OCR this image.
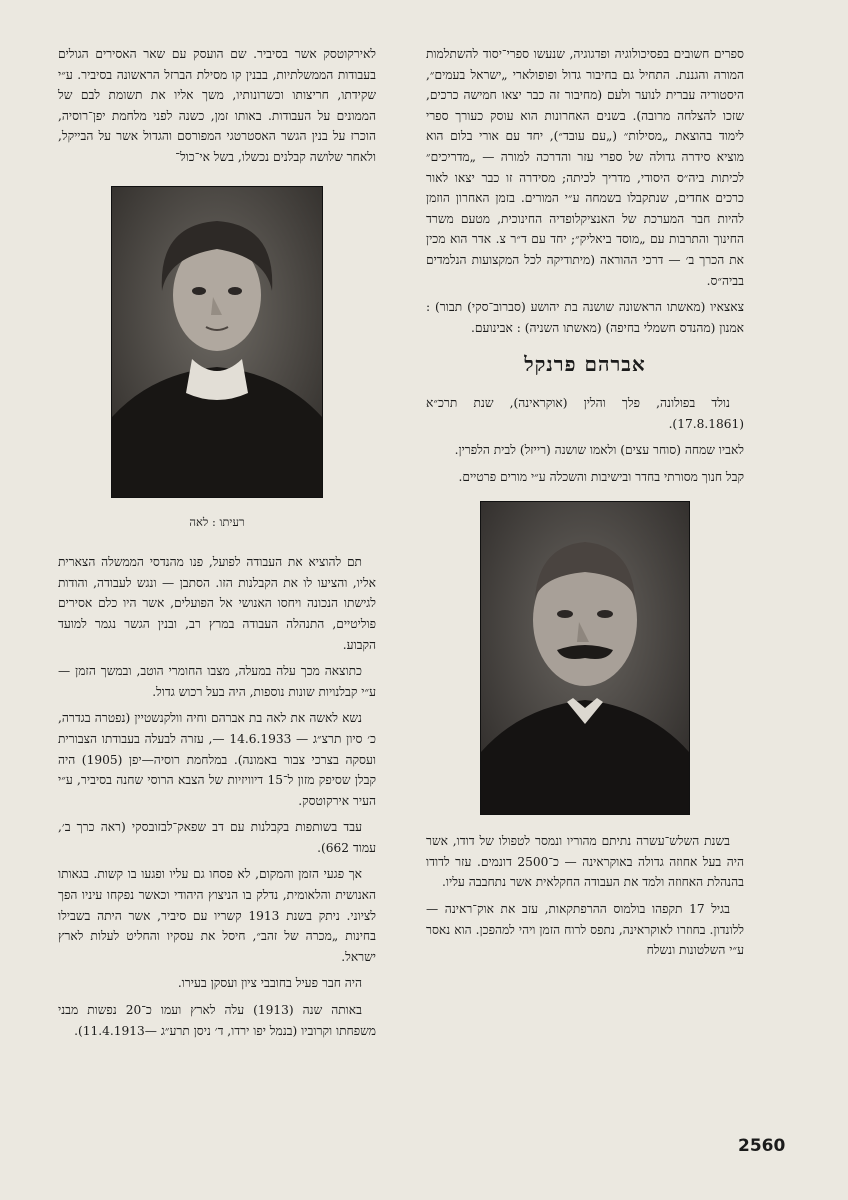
ספרים חשובים בפסיכולוגיה ופדגוגיה, שנעשו ספרי־יסוד להשתלמות המורה והגננת. התחיל גם בחיבור גדול ופופולארי „ישראל בעמים״, היסטוריה עברית לנוער ולעם (מחיבור זה כבר יצאו חמישה כרכים, שזכו להצלחה מרובה). בשנים האחרונות הוא עוסק כעורך ספרי לימוד בהוצאת „מסילות״ („עם עובד״), יחד עם אורי בלום הוא מוציא סידרה גדולה של ספרי עזר והדרכה למורה — „מדריכים״ לכיתות ביה״ס היסודי, מדריך לכיתה; מסידרה זו כבר יצאו לאור כרכים אחדים, שנתקבלו בשמחה ע״י המורים. בזמן האחרון הוזמן להיות חבר המערכת של האנציקלופדיה החינוכית, מטעם משרד החינוך והתרבות עם „מוסד ביאליק״; יחד עם ד״ר צ. אדר הוא מכין את הכרך ב׳ — דרכי ההוראה (מיתודיקה לכל המקצועות הנלמדים בביה״ס.

צאצאיו (מאשתו הראשונה שושנה בת יהושע (סברוב־סקי) תבור) : אמנון (מהנדס חשמלי בחיפה) (מאשתו השניה) : אבינועם.

אברהם פרנקל

נולד בפולונה, פלך והלין (אוקראינה), שנת תרכ״א (17.8.1861).

לאביו שמחה (סוחר עצים) ולאמו שושנה (רייזל) לבית הלפרין.

קבל חנוך מסורתי בחדר ובישיבות והשכלה ע״י מורים פרטיים.

בשנת השלש־עשרה נתיתם מהוריו ונמסר לטפולו של דודו, אשר היה בעל אחוזה גדולה באוקראינה — כ־2500 דונמים. עזר לדודו בהנהלת האחוזה ולמד את העבודה החקלאית אשר נתחבבה עליו.

בגיל 17 תקפהו בולמוס ההרפתקאות, עזב את אוק־ראינה — ללונדון. בחוזרו לאוקראינה, נתפס לרוח הזמן ויהי למהפכן. הוא נאסר ע״י השלטונות ונשלח

לאירקוטסק אשר בסיביר. שם הועסק עם שאר האסירים הגולים בעבודות הממשלתיות, בבנין קו מסילת הברזל הראשונה בסיביר. ע״י שקידתו, חריצותו וכשרונותיו, משך אליו את תשומת לבם של הממונים על העבודות. באותו זמן, כשנה לפני מלחמת יפן־רוסיה, הוכרז על בנין הגשר האסטרטגי המפורסם והגדול אשר על הבייקל, ולאחר שלושה קבלנים נכשלו, בשל אי־כול־

רעיתו : לאה

תם להוציא את העבודה לפועל, פנו מהנדסי הממשלה הצארית אליו, והציעו לו את הקבלנות הזו. הסתבן — ונגש לעבודה, והודות לגישתו הנכונה ויחסו האנושי אל הפועלים, אשר היו כלם אסירים פוליטיים, התנהלה העבודה במרץ רב, ובנין הגשר נגמר למועד הקבוע.

כתוצאה מכך עלה במעלה, מצבו החומרי הוטב, ובמשך הזמן — ע״י קבלנויות שונות נוספות, היה בעל רכוש גדול.

נשא לאשה את לאה בת אברהם וחיה וולקנשטיין (נפטרה בגדרה, כ׳ סיון תרצ״ג — 14.6.1933 —, עזרה לבעלה בעבודתו הצבורית ועסקה בצרכי צבור באמונה). במלחמת רוסיה—יפן (1905) היה קבלן שסיפק מזון ל־15 דיוויזיות של הצבא הרוסי שחנה בסיביר, ע״י העיר אירקוטסק.

עבד בשותפות בקבלנות עם דב שפאק־לבזובסקי (ראה כרך ב׳, עמוד 662).

אך פגעי הזמן והמקום, לא פסחו גם עליו ופגעו בו קשות. בגאותו האנושית והלאומית, נדלק בו הניצוץ היהודי וכאשר נפקחו עיניו הפך לציוני. ניתק בשנת 1913 קשריו עם סיביר, אשר היתה בשבילו בחינות „מכרה של זהב״, חיסל את עסקיו והחליט לעלות לארץ ישראל.

היה חבר פעיל בחובבי ציון ועסקן בעירו.

באותה שנה (1913) עלה לארץ ועמו כ־20 נפשות מבני משפחתו וקרוביו (בנמל יפו ירדו, ד׳ ניסן תרע״ג —11.4.1913).

2560
